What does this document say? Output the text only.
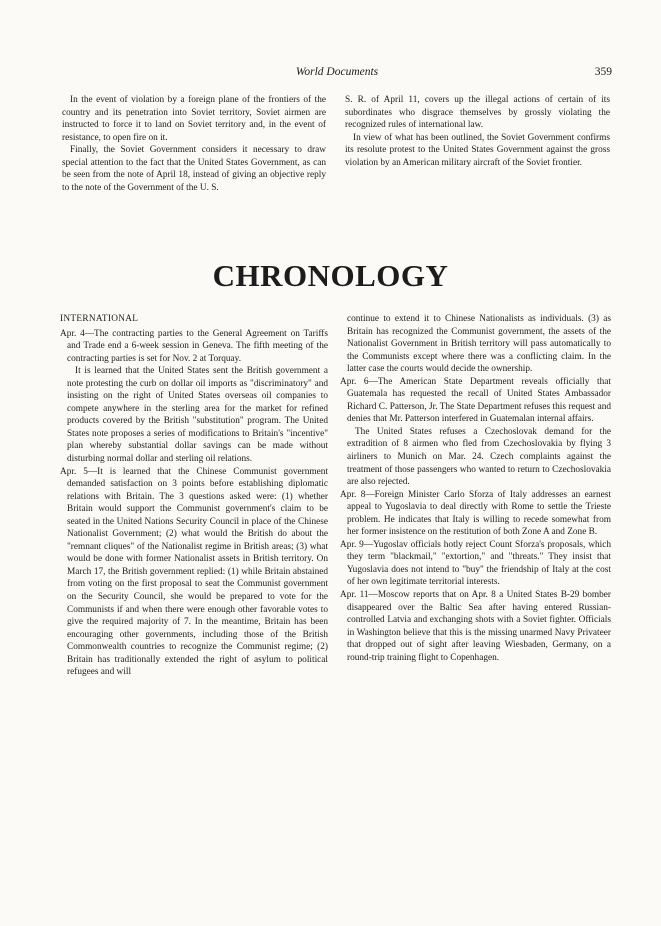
World Documents	359

In the event of violation by a foreign plane of the frontiers of the country and its penetration into Soviet territory, Soviet airmen are instructed to force it to land on Soviet territory and, in the event of resistance, to open fire on it.

Finally, the Soviet Government considers it necessary to draw special attention to the fact that the United States Government, as can be seen from the note of April 18, instead of giving an objective reply to the note of the Government of the U. S.

S. R. of April 11, covers up the illegal actions of certain of its subordinates who disgrace themselves by grossly violating the recognized rules of international law.

In view of what has been outlined, the Soviet Government confirms its resolute protest to the United States Government against the gross violation by an American military aircraft of the Soviet frontier.

CHRONOLOGY

INTERNATIONAL

Apr. 4—The contracting parties to the General Agreement on Tariffs and Trade end a 6-week session in Geneva. The fifth meeting of the contracting parties is set for Nov. 2 at Torquay.

It is learned that the United States sent the British government a note protesting the curb on dollar oil imports as "discriminatory" and insisting on the right of United States overseas oil companies to compete anywhere in the sterling area for the market for refined products covered by the British "substitution" program. The United States note proposes a series of modifications to Britain's "incentive" plan whereby substantial dollar savings can be made without disturbing normal dollar and sterling oil relations.

Apr. 5—It is learned that the Chinese Communist government demanded satisfaction on 3 points before establishing diplomatic relations with Britain. The 3 questions asked were: (1) whether Britain would support the Communist government's claim to be seated in the United Nations Security Council in place of the Chinese Nationalist Government; (2) what would the British do about the "remnant cliques" of the Nationalist regime in British areas; (3) what would be done with former Nationalist assets in British territory. On March 17, the British government replied: (1) while Britain abstained from voting on the first proposal to seat the Communist government on the Security Council, she would be prepared to vote for the Communists if and when there were enough other favorable votes to give the required majority of 7. In the meantime, Britain has been encouraging other governments, including those of the British Commonwealth countries to recognize the Communist regime; (2) Britain has traditionally extended the right of asylum to political refugees and will

continue to extend it to Chinese Nationalists as individuals. (3) as Britain has recognized the Communist government, the assets of the Nationalist Government in British territory will pass automatically to the Communists except where there was a conflicting claim. In the latter case the courts would decide the ownership.

Apr. 6—The American State Department reveals officially that Guatemala has requested the recall of United States Ambassador Richard C. Patterson, Jr. The State Department refuses this request and denies that Mr. Patterson interfered in Guatemalan internal affairs.

The United States refuses a Czechoslovak demand for the extradition of 8 airmen who fled from Czechoslovakia by flying 3 airliners to Munich on Mar. 24. Czech complaints against the treatment of those passengers who wanted to return to Czechoslovakia are also rejected.

Apr. 8—Foreign Minister Carlo Sforza of Italy addresses an earnest appeal to Yugoslavia to deal directly with Rome to settle the Trieste problem. He indicates that Italy is willing to recede somewhat from her former insistence on the restitution of both Zone A and Zone B.

Apr. 9—Yugoslav officials hotly reject Count Sforza's proposals, which they term "blackmail," "extortion," and "threats." They insist that Yugoslavia does not intend to "buy" the friendship of Italy at the cost of her own legitimate territorial interests.

Apr. 11—Moscow reports that on Apr. 8 a United States B-29 bomber disappeared over the Baltic Sea after having entered Russian-controlled Latvia and exchanging shots with a Soviet fighter. Officials in Washington believe that this is the missing unarmed Navy Privateer that dropped out of sight after leaving Wiesbaden, Germany, on a round-trip training flight to Copenhagen.
